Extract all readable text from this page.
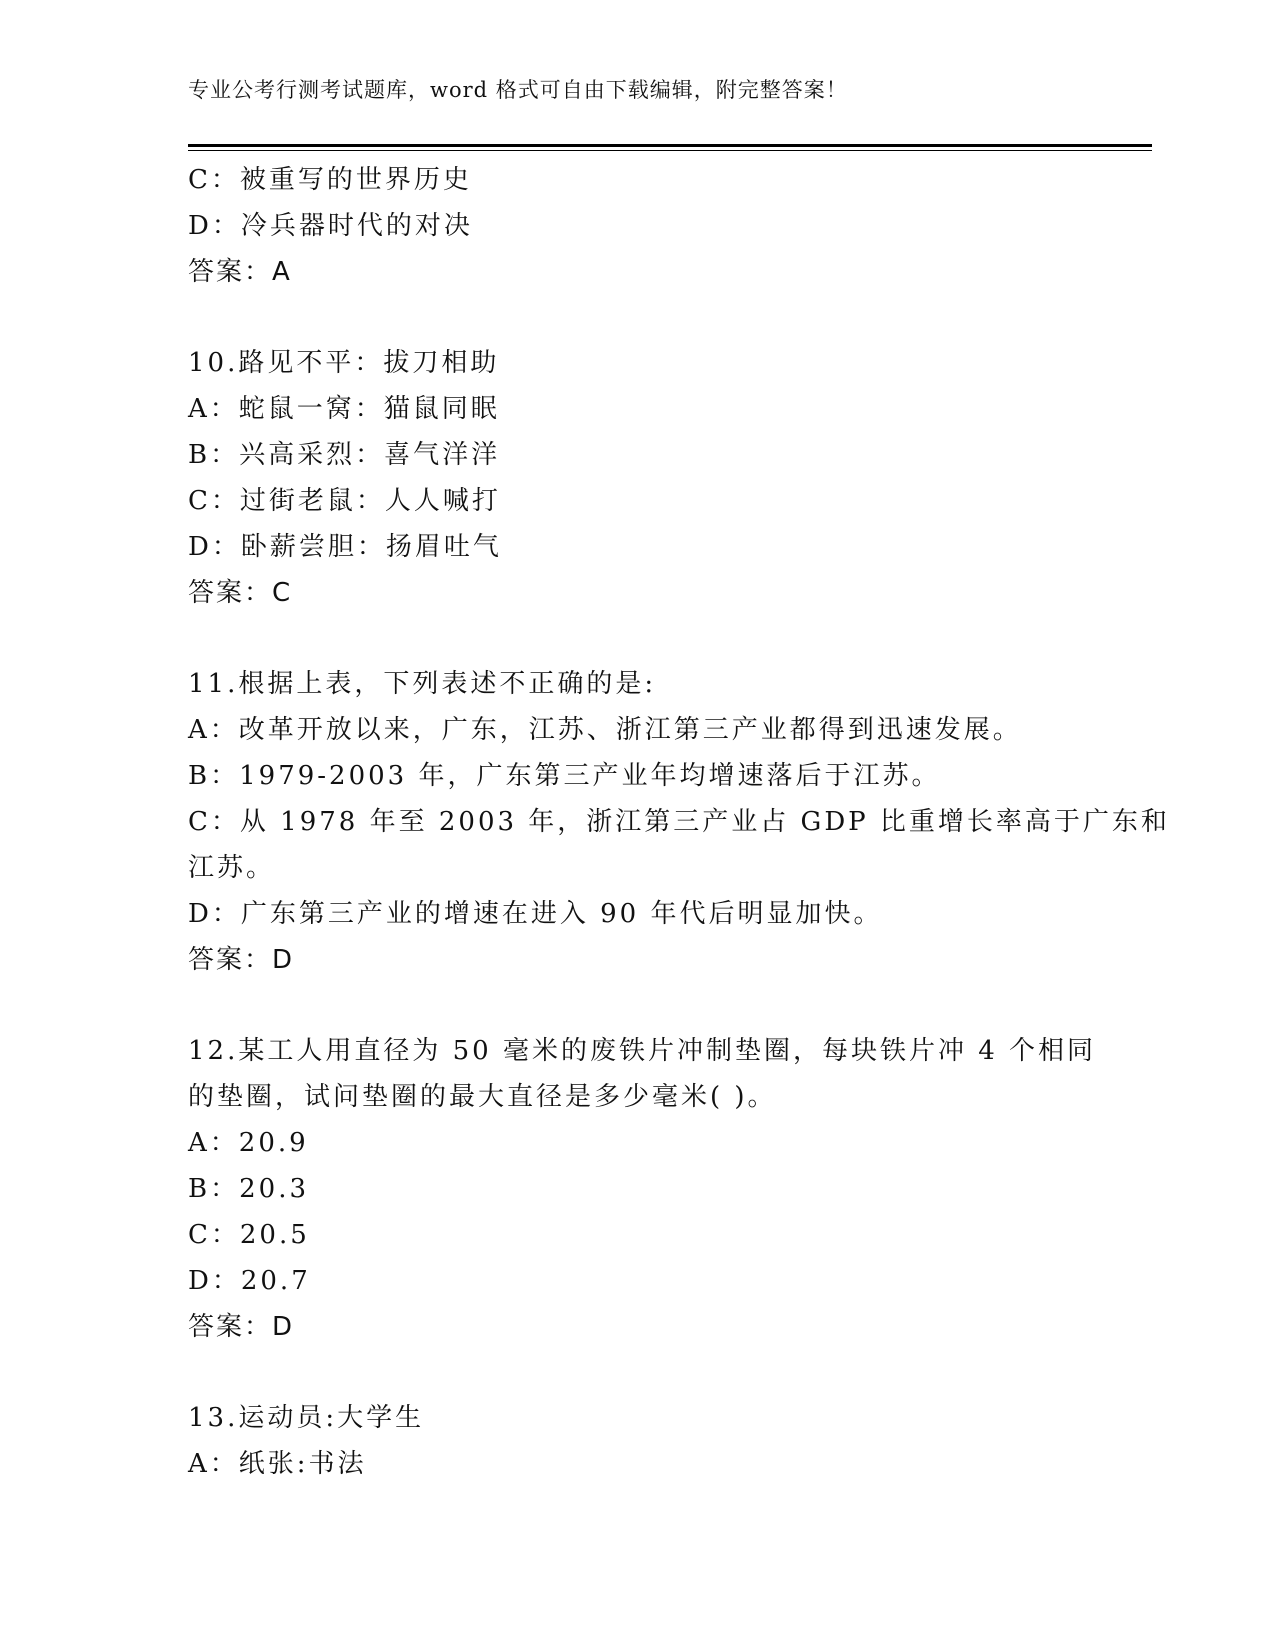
专业公考行测考试题库，word 格式可自由下载编辑，附完整答案！
C：被重写的世界历史
D：冷兵器时代的对决
答案：A
10.路见不平：拔刀相助
A：蛇鼠一窝：猫鼠同眠
B：兴高采烈：喜气洋洋
C：过街老鼠：人人喊打
D：卧薪尝胆：扬眉吐气
答案：C
11.根据上表，下列表述不正确的是:
A：改革开放以来，广东，江苏、浙江第三产业都得到迅速发展。
B：1979-2003 年，广东第三产业年均增速落后于江苏。
C：从 1978 年至 2003 年，浙江第三产业占 GDP 比重增长率高于广东和
江苏。
D：广东第三产业的增速在进入 90 年代后明显加快。
答案：D
12.某工人用直径为 50 毫米的废铁片冲制垫圈，每块铁片冲 4 个相同
的垫圈，试问垫圈的最大直径是多少毫米( )。
A：20.9
B：20.3
C：20.5
D：20.7
答案：D
13.运动员:大学生
A：纸张:书法
